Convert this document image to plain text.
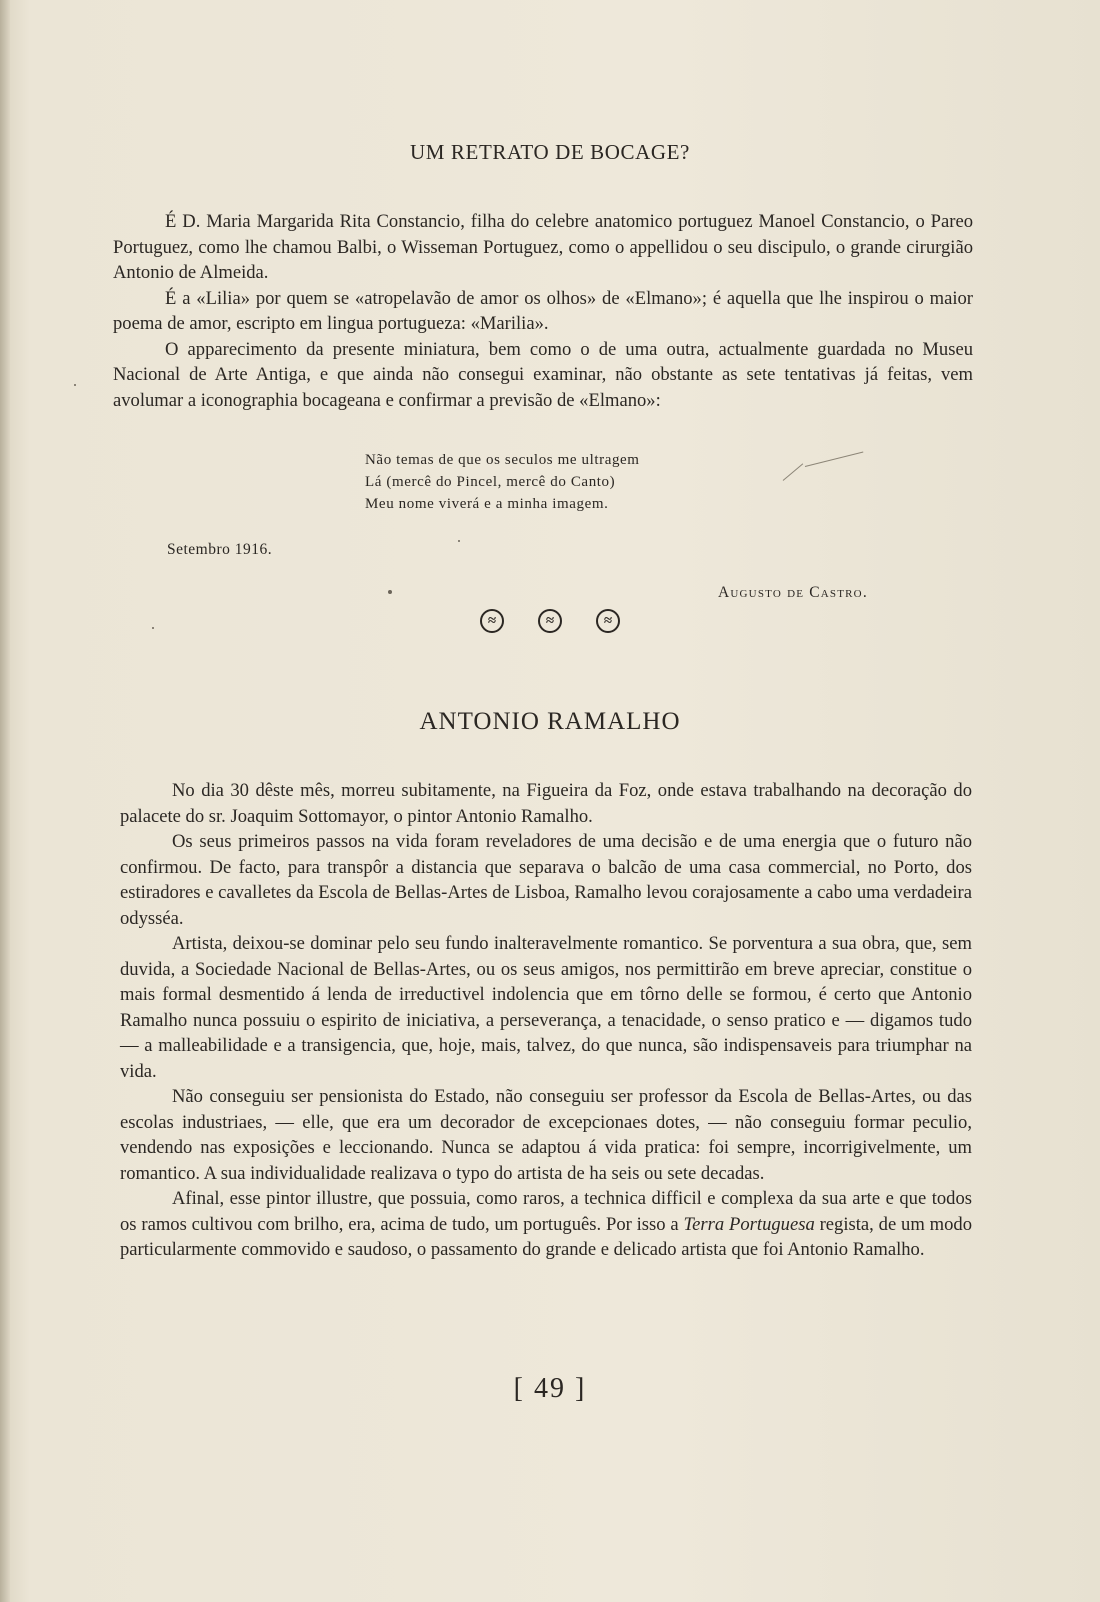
UM RETRATO DE BOCAGE?

É D. Maria Margarida Rita Constancio, filha do celebre anatomico portuguez Manoel Constancio, o Pareo Portuguez, como lhe chamou Balbi, o Wisseman Portuguez, como o appellidou o seu discipulo, o grande cirurgião Antonio de Almeida.

É a «Lilia» por quem se «atropelavão de amor os olhos» de «Elmano»; é aquella que lhe inspirou o maior poema de amor, escripto em lingua portugueza: «Marilia».

O apparecimento da presente miniatura, bem como o de uma outra, actualmente guardada no Museu Nacional de Arte Antiga, e que ainda não consegui examinar, não obstante as sete tentativas já feitas, vem avolumar a iconographia bocageana e confirmar a previsão de «Elmano»:

Não temas de que os seculos me ultragem
Lá (mercê do Pincel, mercê do Canto)
Meu nome viverá e a minha imagem.
Setembro 1916.
Augusto de Castro.
≈	≈	≈
ANTONIO RAMALHO

No dia 30 dêste mês, morreu subitamente, na Figueira da Foz, onde estava trabalhando na decoração do palacete do sr. Joaquim Sottomayor, o pintor Antonio Ramalho.

Os seus primeiros passos na vida foram reveladores de uma decisão e de uma energia que o futuro não confirmou. De facto, para transpôr a distancia que separava o balcão de uma casa commercial, no Porto, dos estiradores e cavalletes da Escola de Bellas-Artes de Lisboa, Ramalho levou corajosamente a cabo uma verdadeira odysséa.

Artista, deixou-se dominar pelo seu fundo inalteravelmente romantico. Se porventura a sua obra, que, sem duvida, a Sociedade Nacional de Bellas-Artes, ou os seus amigos, nos permittirão em breve apreciar, constitue o mais formal desmentido á lenda de irreductivel indolencia que em tôrno delle se formou, é certo que Antonio Ramalho nunca possuiu o espirito de iniciativa, a perseverança, a tenacidade, o senso pratico e — digamos tudo — a malleabilidade e a transigencia, que, hoje, mais, talvez, do que nunca, são indispensaveis para triumphar na vida.

Não conseguiu ser pensionista do Estado, não conseguiu ser professor da Escola de Bellas-Artes, ou das escolas industriaes, — elle, que era um decorador de excepcionaes dotes, — não conseguiu formar peculio, vendendo nas exposições e leccionando. Nunca se adaptou á vida pratica: foi sempre, incorrigivelmente, um romantico. A sua individualidade realizava o typo do artista de ha seis ou sete decadas.

Afinal, esse pintor illustre, que possuia, como raros, a technica difficil e complexa da sua arte e que todos os ramos cultivou com brilho, era, acima de tudo, um português. Por isso a Terra Portuguesa regista, de um modo particularmente commovido e saudoso, o passamento do grande e delicado artista que foi Antonio Ramalho.

[ 49 ]
